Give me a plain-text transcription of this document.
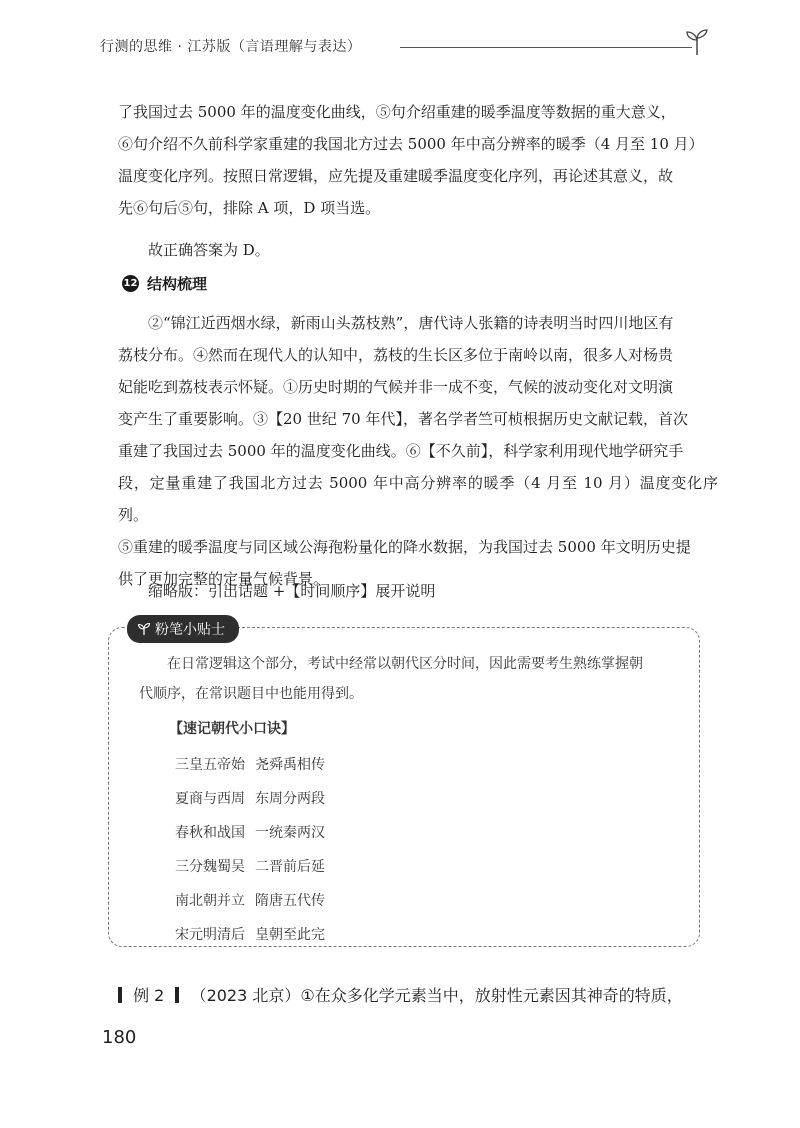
行测的思维 · 江苏版（言语理解与表达）

了我国过去 5000 年的温度变化曲线，⑤句介绍重建的暖季温度等数据的重大意义，

⑥句介绍不久前科学家重建的我国北方过去 5000 年中高分辨率的暖季（4 月至 10 月）

温度变化序列。按照日常逻辑，应先提及重建暖季温度变化序列，再论述其意义，故

先⑥句后⑤句，排除 A 项，D 项当选。

故正确答案为 D。

12 结构梳理

②“锦江近西烟水绿，新雨山头荔枝熟”，唐代诗人张籍的诗表明当时四川地区有

荔枝分布。④然而在现代人的认知中，荔枝的生长区多位于南岭以南，很多人对杨贵

妃能吃到荔枝表示怀疑。①历史时期的气候并非一成不变，气候的波动变化对文明演

变产生了重要影响。③【20 世纪 70 年代】，著名学者竺可桢根据历史文献记载，首次

重建了我国过去 5000 年的温度变化曲线。⑥【不久前】，科学家利用现代地学研究手

段，定量重建了我国北方过去 5000 年中高分辨率的暖季（4 月至 10 月）温度变化序列。

⑤重建的暖季温度与同区域公海孢粉量化的降水数据，为我国过去 5000 年文明历史提

供了更加完整的定量气候背景。

缩略版：引出话题 +【时间顺序】展开说明

粉笔小贴士
在日常逻辑这个部分，考试中经常以朝代区分时间，因此需要考生熟练掌握朝
代顺序，在常识题目中也能用得到。
【速记朝代小口诀】
三皇五帝始 尧舜禹相传
夏商与西周 东周分两段
春秋和战国 一统秦两汉
三分魏蜀吴 二晋前后延
南北朝并立 隋唐五代传
宋元明清后 皇朝至此完
例 2 （2023 北京）①在众多化学元素当中，放射性元素因其神奇的特质，
180
